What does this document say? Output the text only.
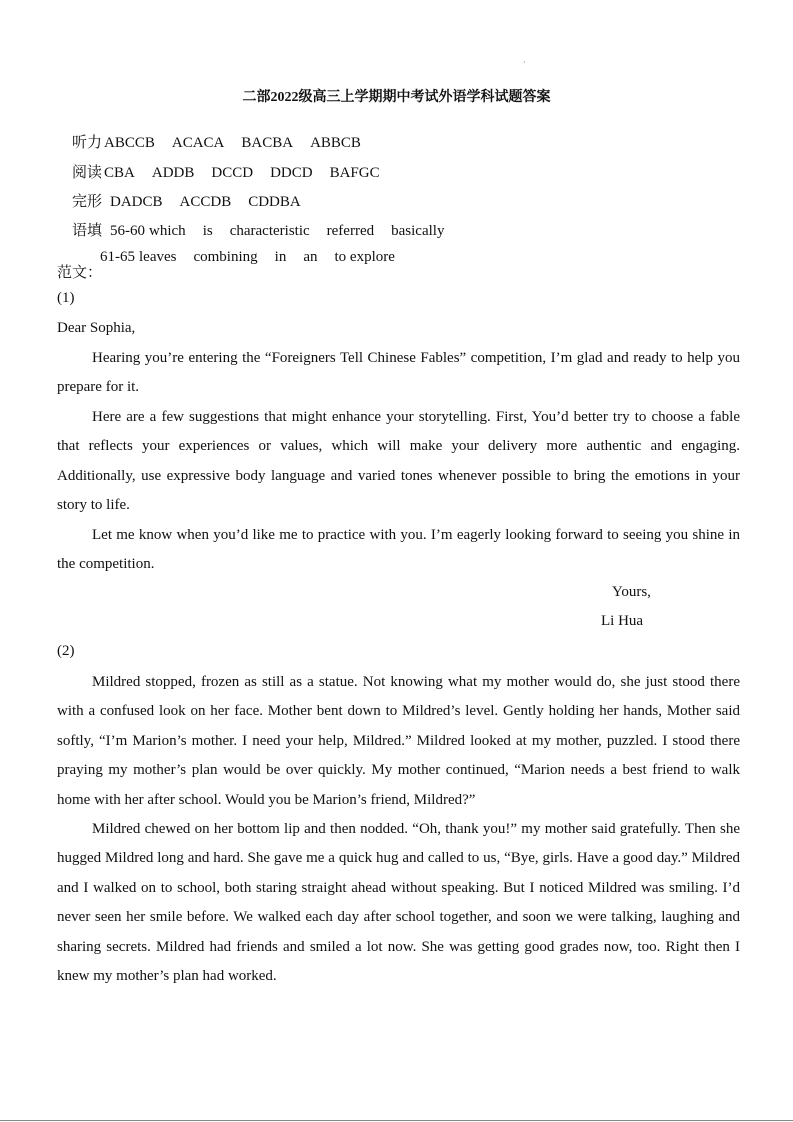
·
二部2022级高三上学期期中考试外语学科试题答案

听力 ABCCB ACACA BACBA ABBCB

阅读 CBA ADDB DCCD DDCD BAFGC

完形 DADCB ACCDB CDDBA

语填 56-60 which is characteristic referred basically

61-65 leaves combining in an to explore

范文：
(1)
Dear Sophia,
Hearing you’re entering the “Foreigners Tell Chinese Fables” competition, I’m glad and ready to help you prepare for it.
Here are a few suggestions that might enhance your storytelling. First, You’d better try to choose a fable that reflects your experiences or values, which will make your delivery more authentic and engaging. Additionally, use expressive body language and varied tones whenever possible to bring the emotions in your story to life.
Let me know when you’d like me to practice with you. I’m eagerly looking forward to seeing you shine in the competition.
Yours,
Li Hua
(2)
Mildred stopped, frozen as still as a statue. Not knowing what my mother would do, she just stood there with a confused look on her face. Mother bent down to Mildred’s level. Gently holding her hands, Mother said softly, “I’m Marion’s mother. I need your help, Mildred.” Mildred looked at my mother, puzzled. I stood there praying my mother’s plan would be over quickly. My mother continued, “Marion needs a best friend to walk home with her after school. Would you be Marion’s friend, Mildred?”
Mildred chewed on her bottom lip and then nodded. “Oh, thank you!” my mother said gratefully. Then she hugged Mildred long and hard. She gave me a quick hug and called to us, “Bye, girls. Have a good day.” Mildred and I walked on to school, both staring straight ahead without speaking. But I noticed Mildred was smiling. I’d never seen her smile before. We walked each day after school together, and soon we were talking, laughing and sharing secrets. Mildred had friends and smiled a lot now. She was getting good grades now, too. Right then I knew my mother’s plan had worked.
